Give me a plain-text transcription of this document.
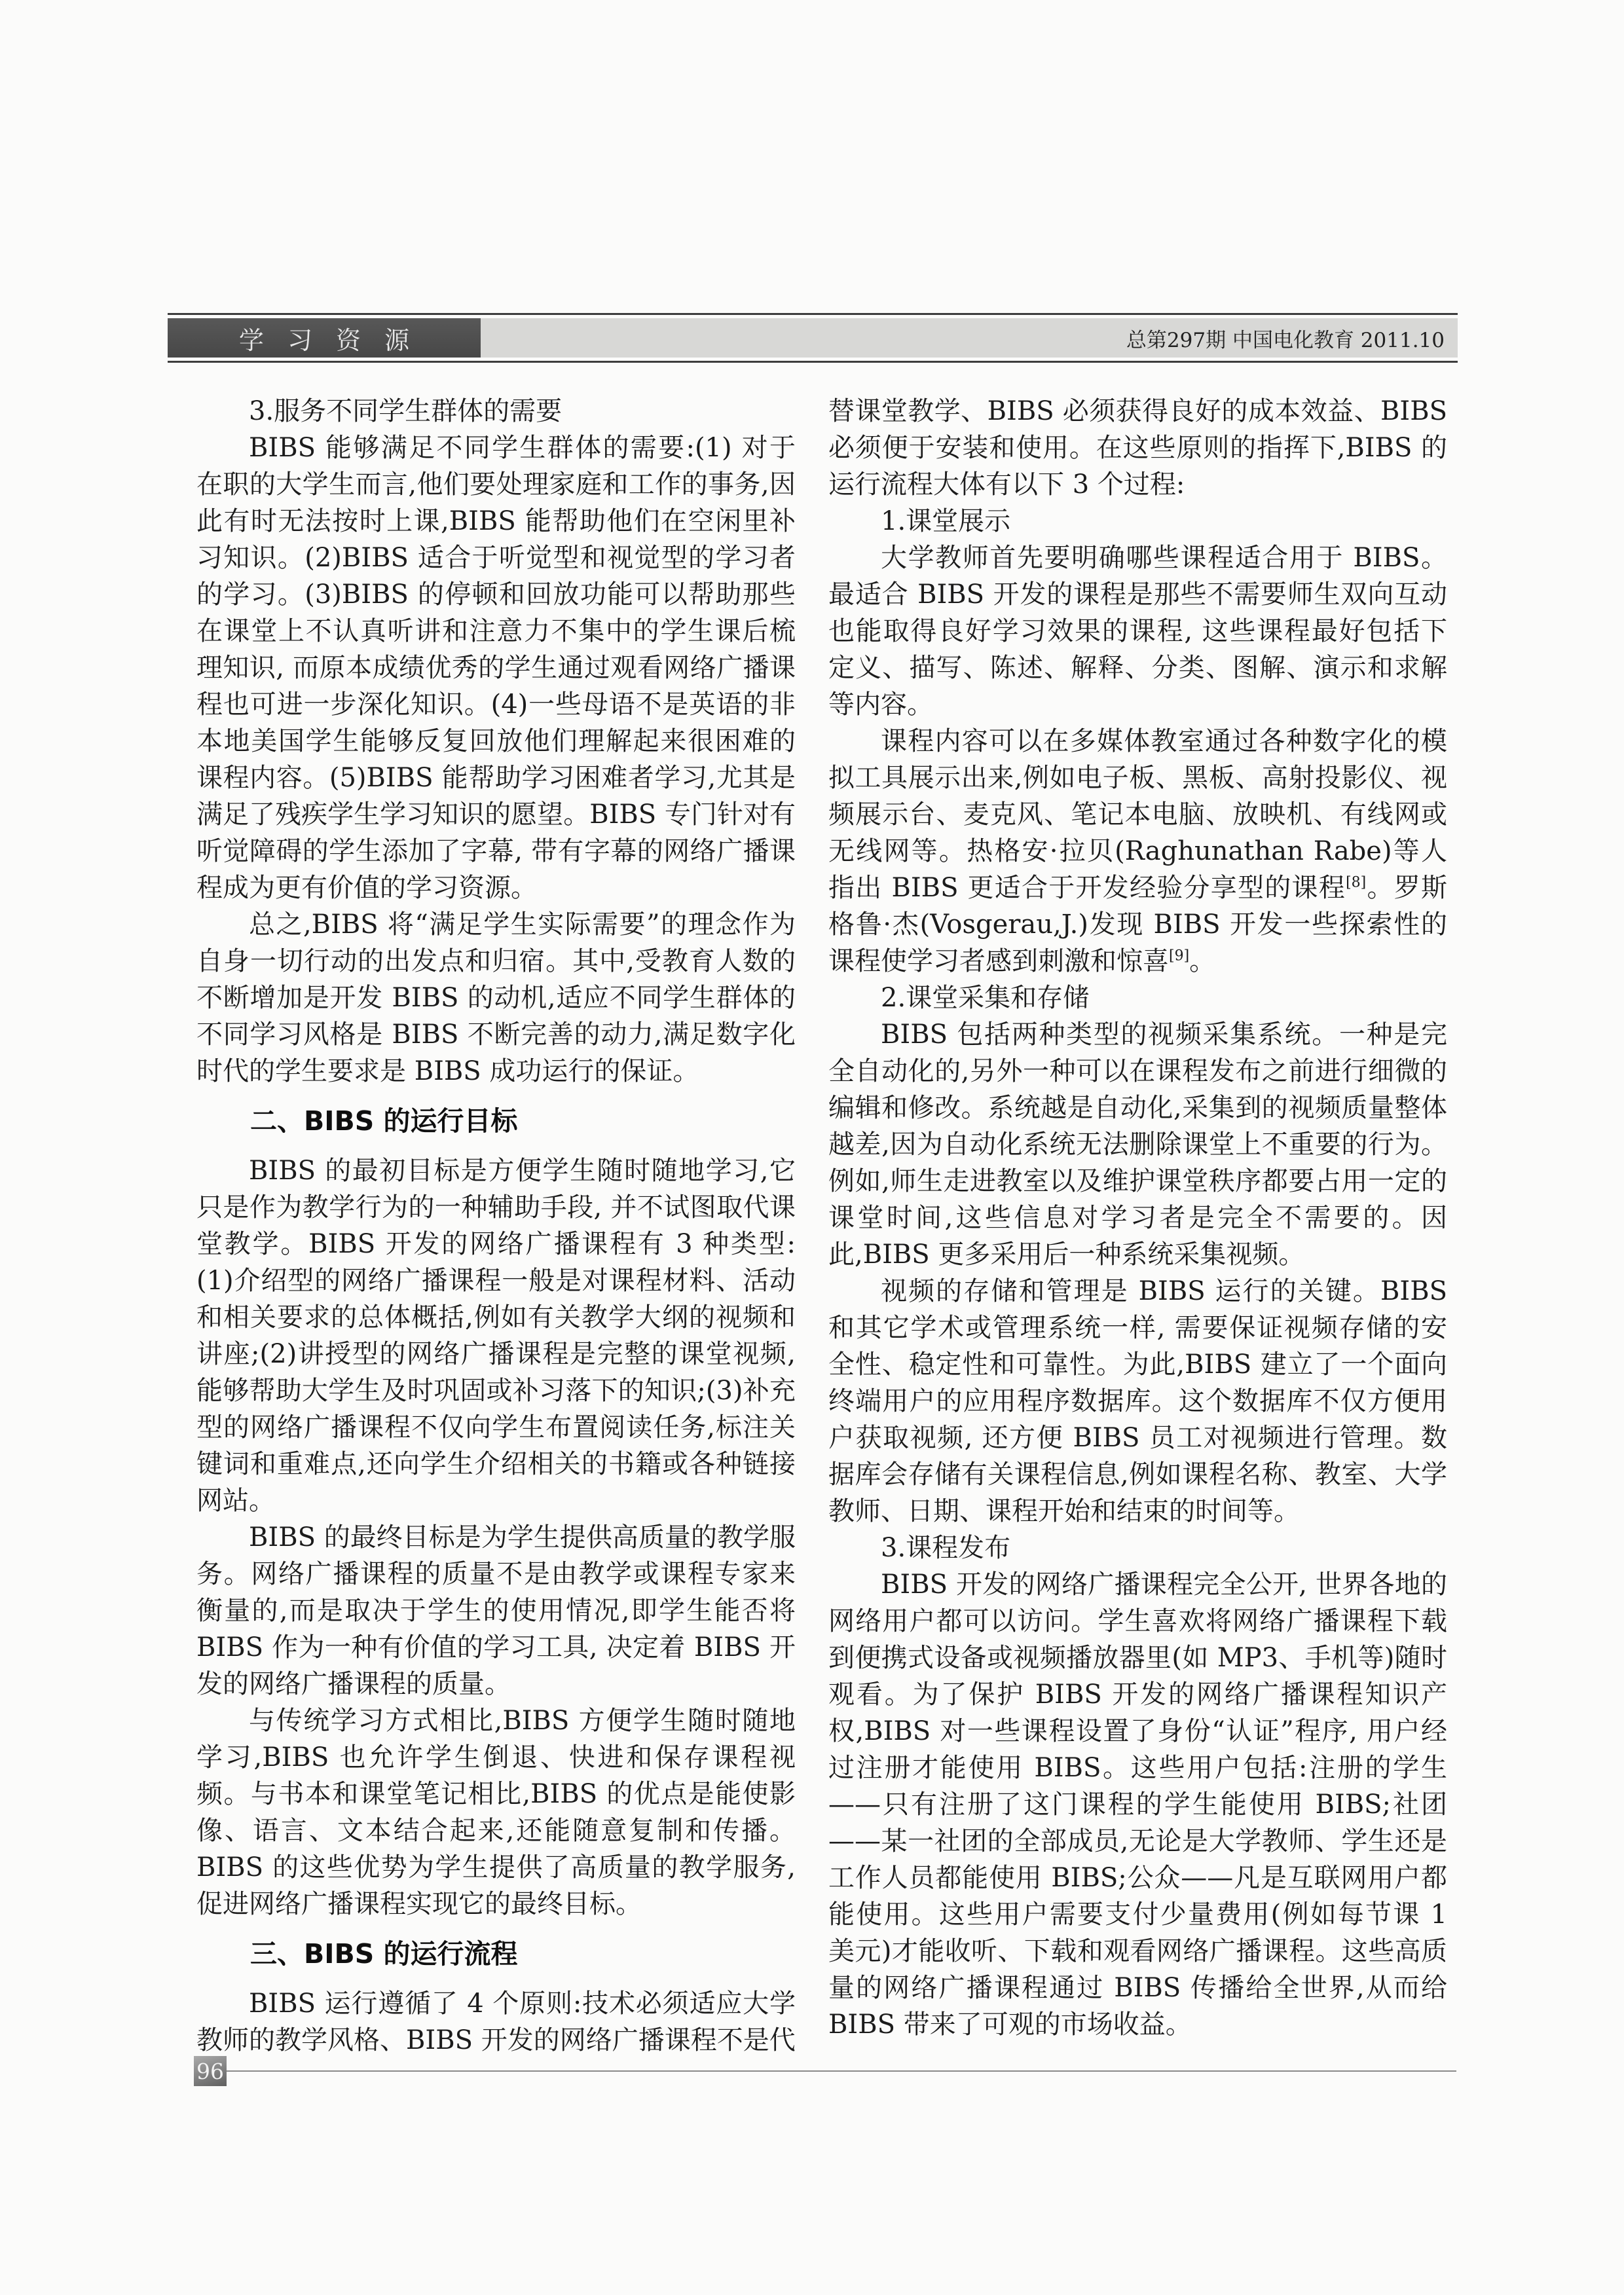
学习资源	总第297期 中国电化教育 2011.10

3.服务不同学生群体的需要

BIBS 能够满足不同学生群体的需要:(1) 对于在职的大学生而言,他们要处理家庭和工作的事务,因此有时无法按时上课,BIBS 能帮助他们在空闲里补习知识。(2)BIBS 适合于听觉型和视觉型的学习者的学习。(3)BIBS 的停顿和回放功能可以帮助那些在课堂上不认真听讲和注意力不集中的学生课后梳理知识, 而原本成绩优秀的学生通过观看网络广播课程也可进一步深化知识。(4)一些母语不是英语的非本地美国学生能够反复回放他们理解起来很困难的课程内容。(5)BIBS 能帮助学习困难者学习,尤其是满足了残疾学生学习知识的愿望。BIBS 专门针对有听觉障碍的学生添加了字幕, 带有字幕的网络广播课程成为更有价值的学习资源。

总之,BIBS 将“满足学生实际需要”的理念作为自身一切行动的出发点和归宿。其中,受教育人数的不断增加是开发 BIBS 的动机,适应不同学生群体的不同学习风格是 BIBS 不断完善的动力,满足数字化时代的学生要求是 BIBS 成功运行的保证。

二、BIBS 的运行目标

BIBS 的最初目标是方便学生随时随地学习,它只是作为教学行为的一种辅助手段, 并不试图取代课堂教学。BIBS 开发的网络广播课程有 3 种类型:(1)介绍型的网络广播课程一般是对课程材料、活动和相关要求的总体概括,例如有关教学大纲的视频和讲座;(2)讲授型的网络广播课程是完整的课堂视频,能够帮助大学生及时巩固或补习落下的知识;(3)补充型的网络广播课程不仅向学生布置阅读任务,标注关键词和重难点,还向学生介绍相关的书籍或各种链接网站。

BIBS 的最终目标是为学生提供高质量的教学服务。网络广播课程的质量不是由教学或课程专家来衡量的,而是取决于学生的使用情况,即学生能否将 BIBS 作为一种有价值的学习工具, 决定着 BIBS 开发的网络广播课程的质量。

与传统学习方式相比,BIBS 方便学生随时随地学习,BIBS 也允许学生倒退、快进和保存课程视频。与书本和课堂笔记相比,BIBS 的优点是能使影像、语言、文本结合起来,还能随意复制和传播。BIBS 的这些优势为学生提供了高质量的教学服务, 促进网络广播课程实现它的最终目标。

三、BIBS 的运行流程

BIBS 运行遵循了 4 个原则:技术必须适应大学教师的教学风格、BIBS 开发的网络广播课程不是代

替课堂教学、BIBS 必须获得良好的成本效益、BIBS 必须便于安装和使用。在这些原则的指挥下,BIBS 的运行流程大体有以下 3 个过程:

1.课堂展示

大学教师首先要明确哪些课程适合用于 BIBS。最适合 BIBS 开发的课程是那些不需要师生双向互动也能取得良好学习效果的课程, 这些课程最好包括下定义、描写、陈述、解释、分类、图解、演示和求解等内容。

课程内容可以在多媒体教室通过各种数字化的模拟工具展示出来,例如电子板、黑板、高射投影仪、视频展示台、麦克风、笔记本电脑、放映机、有线网或无线网等。热格安·拉贝(Raghunathan Rabe)等人指出 BIBS 更适合于开发经验分享型的课程[8]。罗斯格鲁·杰(Vosgerau,J.)发现 BIBS 开发一些探索性的课程使学习者感到刺激和惊喜[9]。

2.课堂采集和存储

BIBS 包括两种类型的视频采集系统。一种是完全自动化的,另外一种可以在课程发布之前进行细微的编辑和修改。系统越是自动化,采集到的视频质量整体越差,因为自动化系统无法删除课堂上不重要的行为。例如,师生走进教室以及维护课堂秩序都要占用一定的课堂时间,这些信息对学习者是完全不需要的。因此,BIBS 更多采用后一种系统采集视频。

视频的存储和管理是 BIBS 运行的关键。BIBS 和其它学术或管理系统一样, 需要保证视频存储的安全性、稳定性和可靠性。为此,BIBS 建立了一个面向终端用户的应用程序数据库。这个数据库不仅方便用户获取视频, 还方便 BIBS 员工对视频进行管理。数据库会存储有关课程信息,例如课程名称、教室、大学教师、日期、课程开始和结束的时间等。

3.课程发布

BIBS 开发的网络广播课程完全公开, 世界各地的网络用户都可以访问。学生喜欢将网络广播课程下载到便携式设备或视频播放器里(如 MP3、手机等)随时观看。为了保护 BIBS 开发的网络广播课程知识产权,BIBS 对一些课程设置了身份“认证”程序, 用户经过注册才能使用 BIBS。这些用户包括:注册的学生——只有注册了这门课程的学生能使用 BIBS;社团——某一社团的全部成员,无论是大学教师、学生还是工作人员都能使用 BIBS;公众——凡是互联网用户都能使用。这些用户需要支付少量费用(例如每节课 1 美元)才能收听、下载和观看网络广播课程。这些高质量的网络广播课程通过 BIBS 传播给全世界,从而给 BIBS 带来了可观的市场收益。

96
